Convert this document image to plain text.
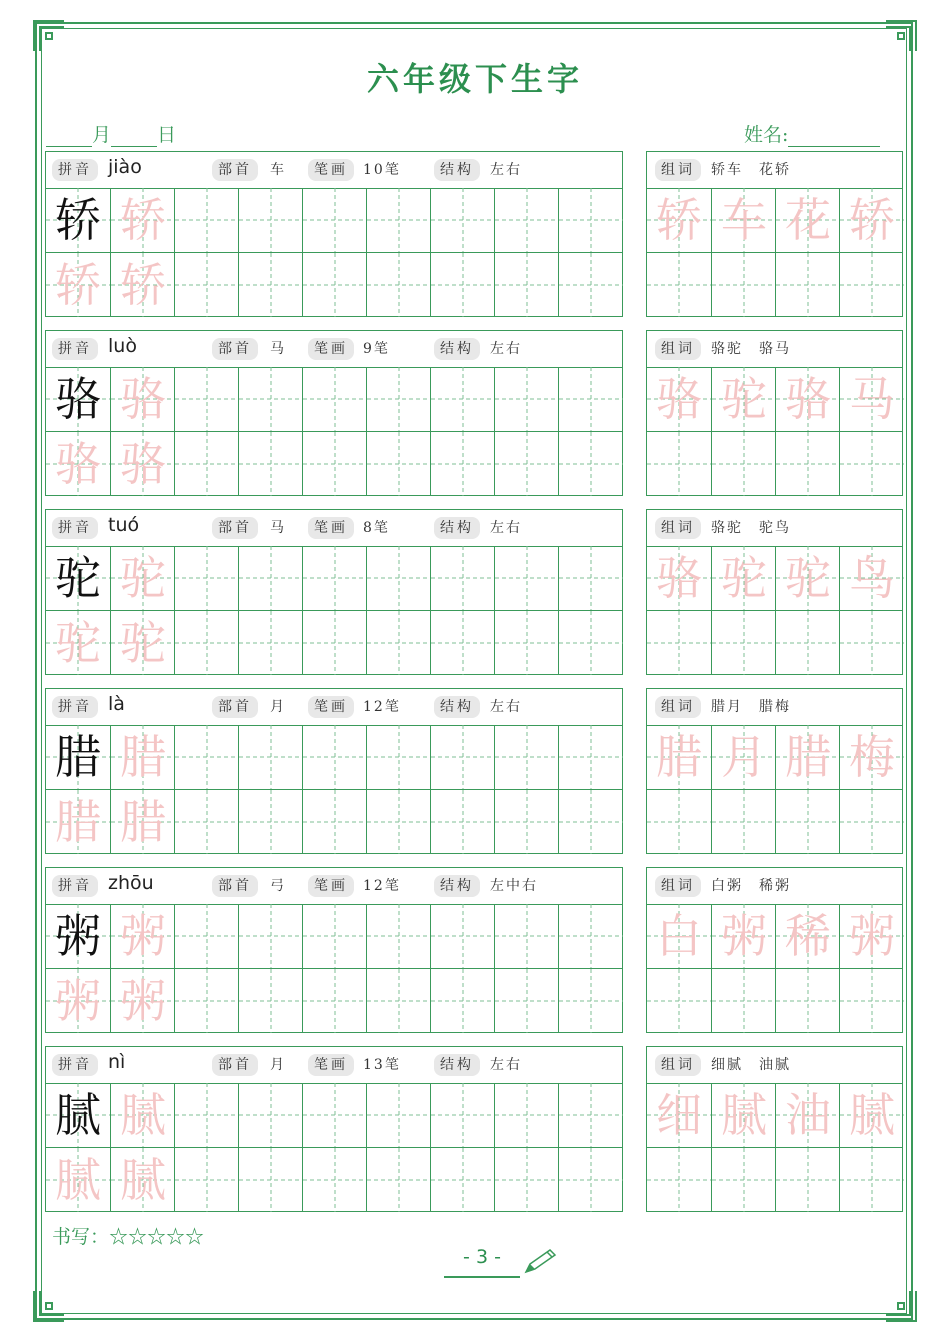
六年级下生字
月 日	姓名:
拼音 jiào	部首	车	笔画	10笔	结构	左右
轿 轿
轿 轿
组词	轿车　花轿
轿 车 花 轿
拼音 luò	部首	马	笔画	9笔	结构	左右
骆 骆
骆 骆
组词	骆驼　骆马
骆 驼 骆 马
拼音 tuó	部首	马	笔画	8笔	结构	左右
驼 驼
驼 驼
组词	骆驼　驼鸟
骆 驼 驼 鸟
拼音 là	部首	月	笔画	12笔	结构	左右
腊 腊
腊 腊
组词	腊月　腊梅
腊 月 腊 梅
拼音 zhōu	部首	弓	笔画	12笔	结构	左中右
粥 粥
粥 粥
组词	白粥　稀粥
白 粥 稀 粥
拼音 nì	部首	月	笔画	13笔	结构	左右
腻 腻
腻 腻
组词	细腻　油腻
细 腻 油 腻
书写：☆☆☆☆☆
- 3 -
